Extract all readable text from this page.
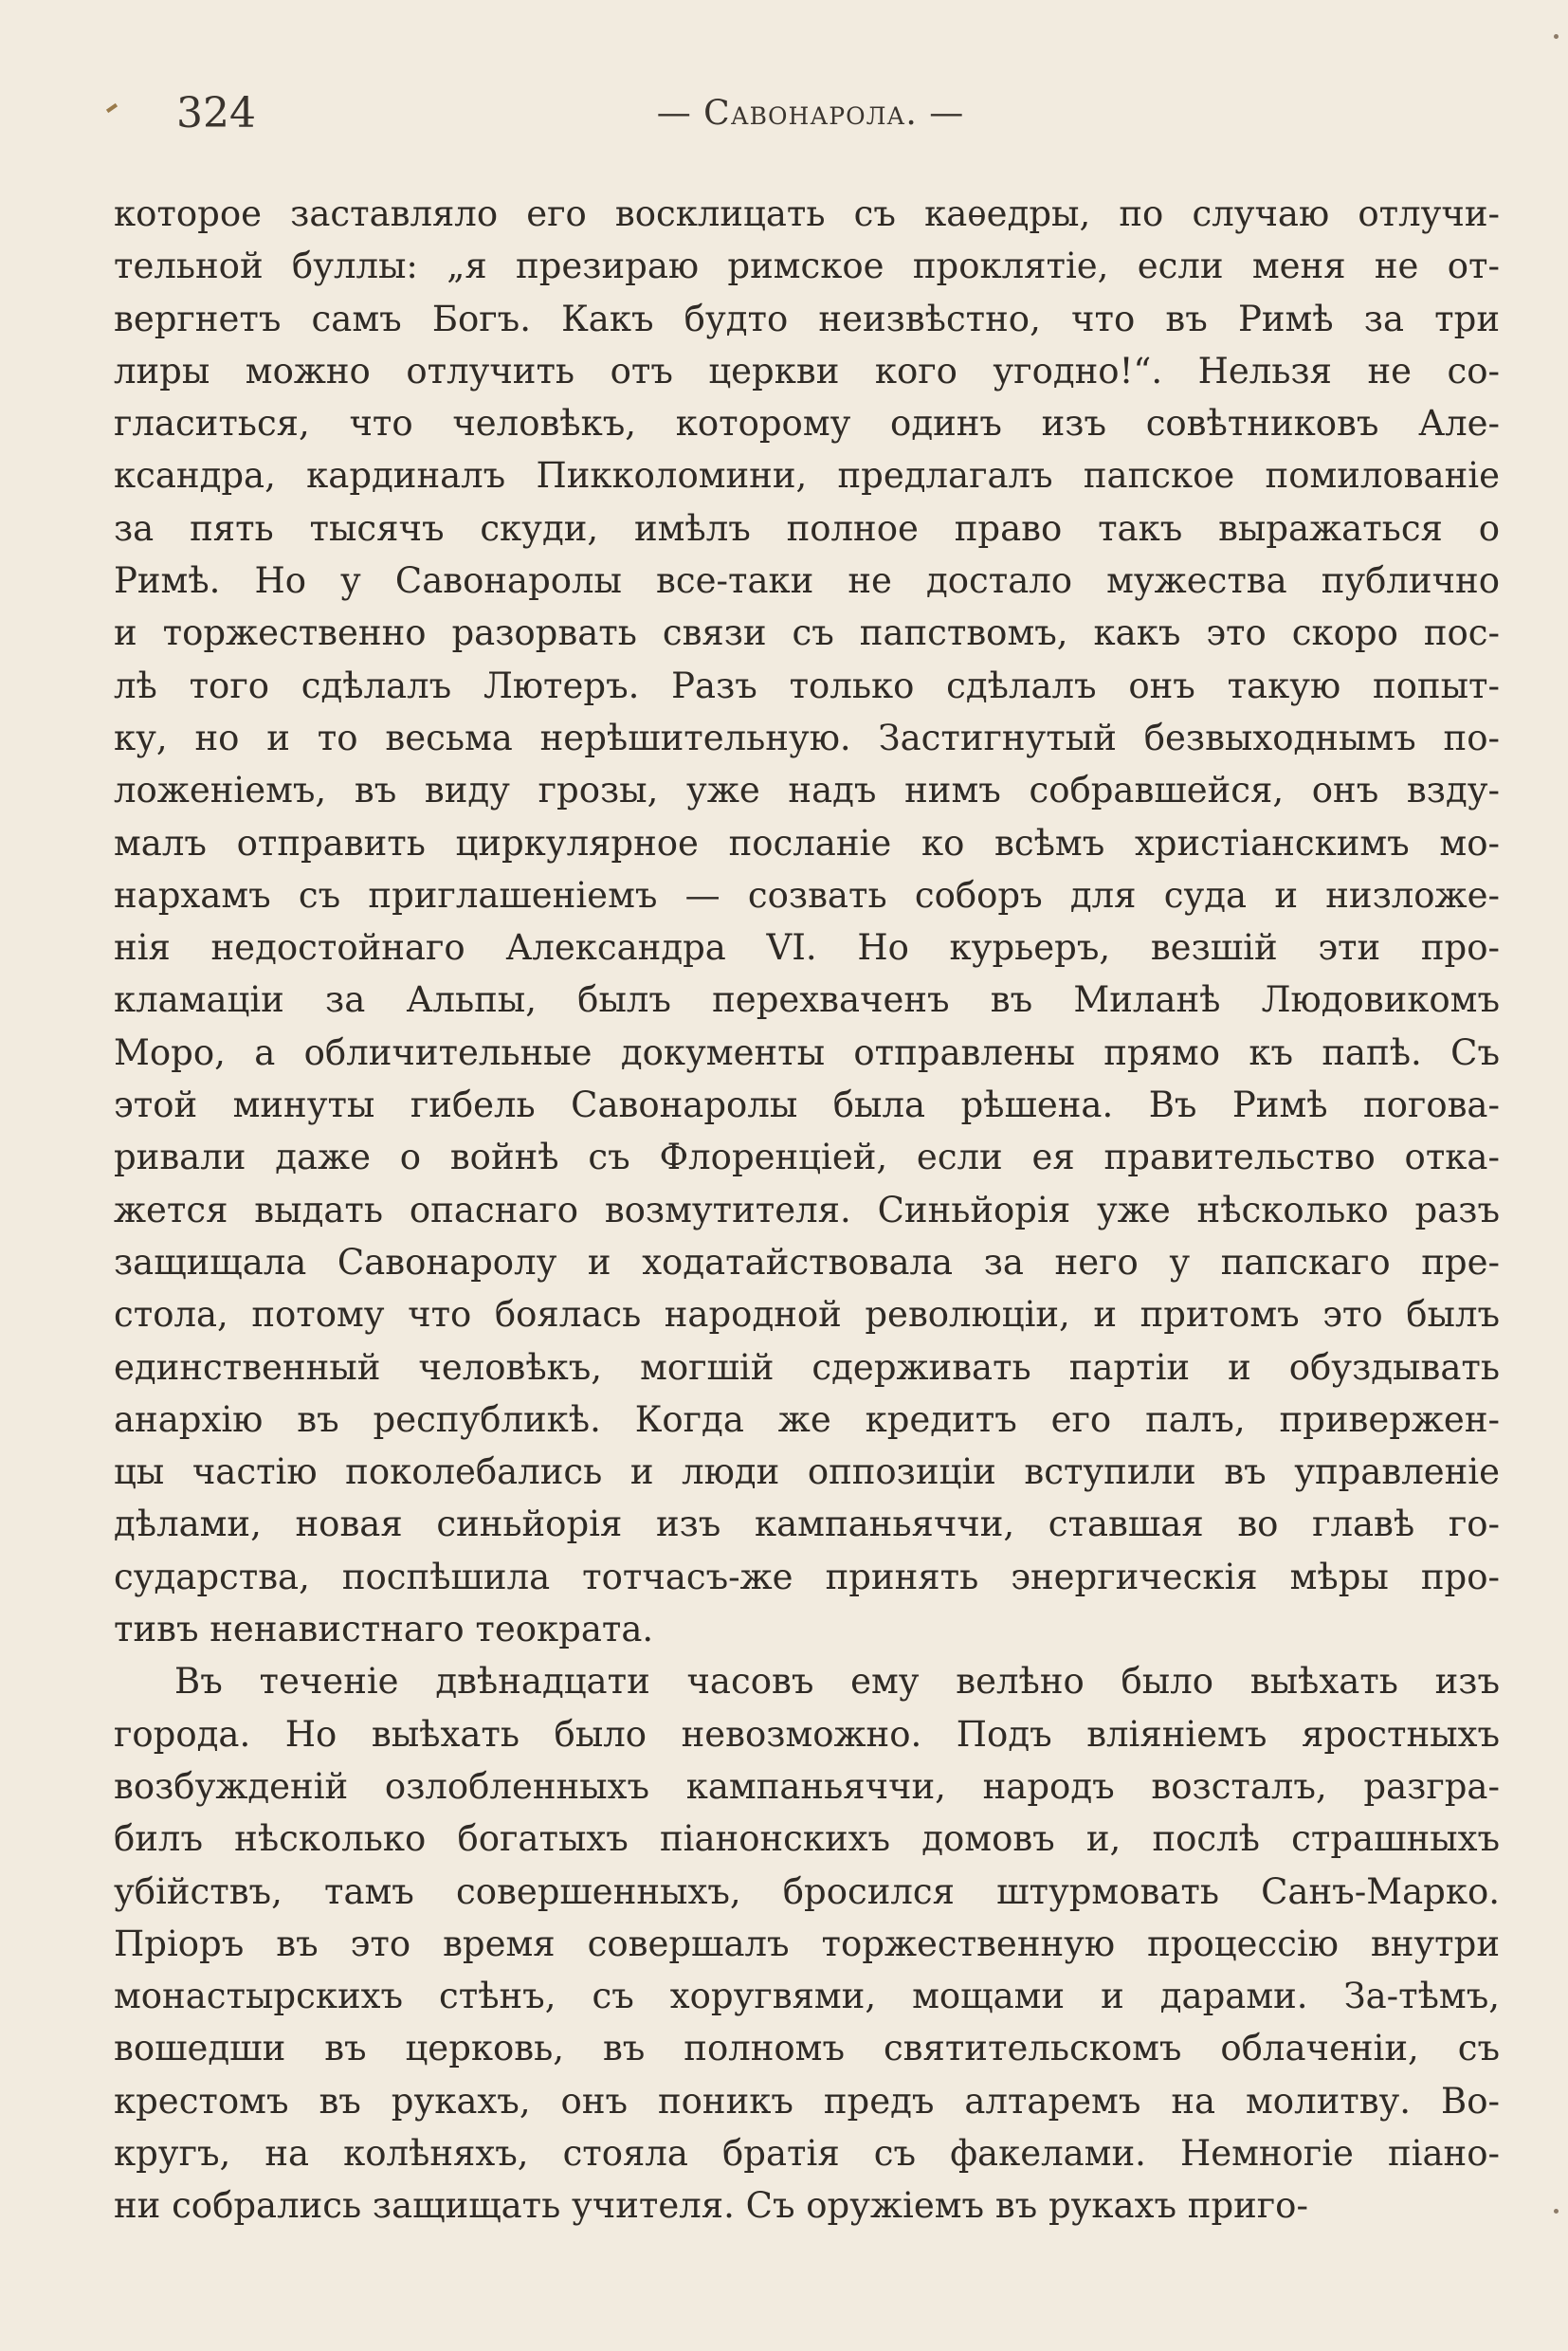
324	— Савонарола. —
которое заставляло его восклицать съ каѳедры, по случаю отлучи-
тельной буллы: „я презираю римское проклятіе, если меня не от-
вергнетъ самъ Богъ. Какъ будто неизвѣстно, что въ Римѣ за три
лиры можно отлучить отъ церкви кого угодно!“. Нельзя не со-
гласиться, что человѣкъ, которому одинъ изъ совѣтниковъ Але-
ксандра, кардиналъ Пикколомини, предлагалъ папское помилованіе
за пять тысячъ скуди, имѣлъ полное право такъ выражаться о
Римѣ. Но у Савонаролы все-таки не достало мужества публично
и торжественно разорвать связи съ папствомъ, какъ это скоро пос-
лѣ того сдѣлалъ Лютеръ. Разъ только сдѣлалъ онъ такую попыт-
ку, но и то весьма нерѣшительную. Застигнутый безвыходнымъ по-
ложеніемъ, въ виду грозы, уже надъ нимъ собравшейся, онъ взду-
малъ отправить циркулярное посланіе ко всѣмъ христіанскимъ мо-
нархамъ съ приглашеніемъ — созвать соборъ для суда и низложе-
нія недостойнаго Александра VI. Но курьеръ, везшій эти про-
кламаціи за Альпы, былъ перехваченъ въ Миланѣ Людовикомъ
Моро, а обличительные документы отправлены прямо къ папѣ. Съ
этой минуты гибель Савонаролы была рѣшена. Въ Римѣ погова-
ривали даже о войнѣ съ Флоренціей, если ея правительство отка-
жется выдать опаснаго возмутителя. Синьйорія уже нѣсколько разъ
защищала Савонаролу и ходатайствовала за него у папскаго пре-
стола, потому что боялась народной революціи, и притомъ это былъ
единственный человѣкъ, могшій сдерживать партіи и обуздывать
анархію въ республикѣ. Когда же кредитъ его палъ, привержен-
цы частію поколебались и люди оппозиціи вступили въ управленіе
дѣлами, новая синьйорія изъ кампаньяччи, ставшая во главѣ го-
сударства, поспѣшила тотчасъ-же принять энергическія мѣры про-
тивъ ненавистнаго теократа.
Въ теченіе двѣнадцати часовъ ему велѣно было выѣхать изъ
города. Но выѣхать было невозможно. Подъ вліяніемъ яростныхъ
возбужденій озлобленныхъ кампаньяччи, народъ возсталъ, разгра-
билъ нѣсколько богатыхъ піанонскихъ домовъ и, послѣ страшныхъ
убійствъ, тамъ совершенныхъ, бросился штурмовать Санъ-Марко.
Пріоръ въ это время совершалъ торжественную процессію внутри
монастырскихъ стѣнъ, съ хоругвями, мощами и дарами. За-тѣмъ,
вошедши въ церковь, въ полномъ святительскомъ облаченіи, съ
крестомъ въ рукахъ, онъ поникъ предъ алтаремъ на молитву. Во-
кругъ, на колѣняхъ, стояла братія съ факелами. Немногіе піано-
ни собрались защищать учителя. Съ оружіемъ въ рукахъ приго-
